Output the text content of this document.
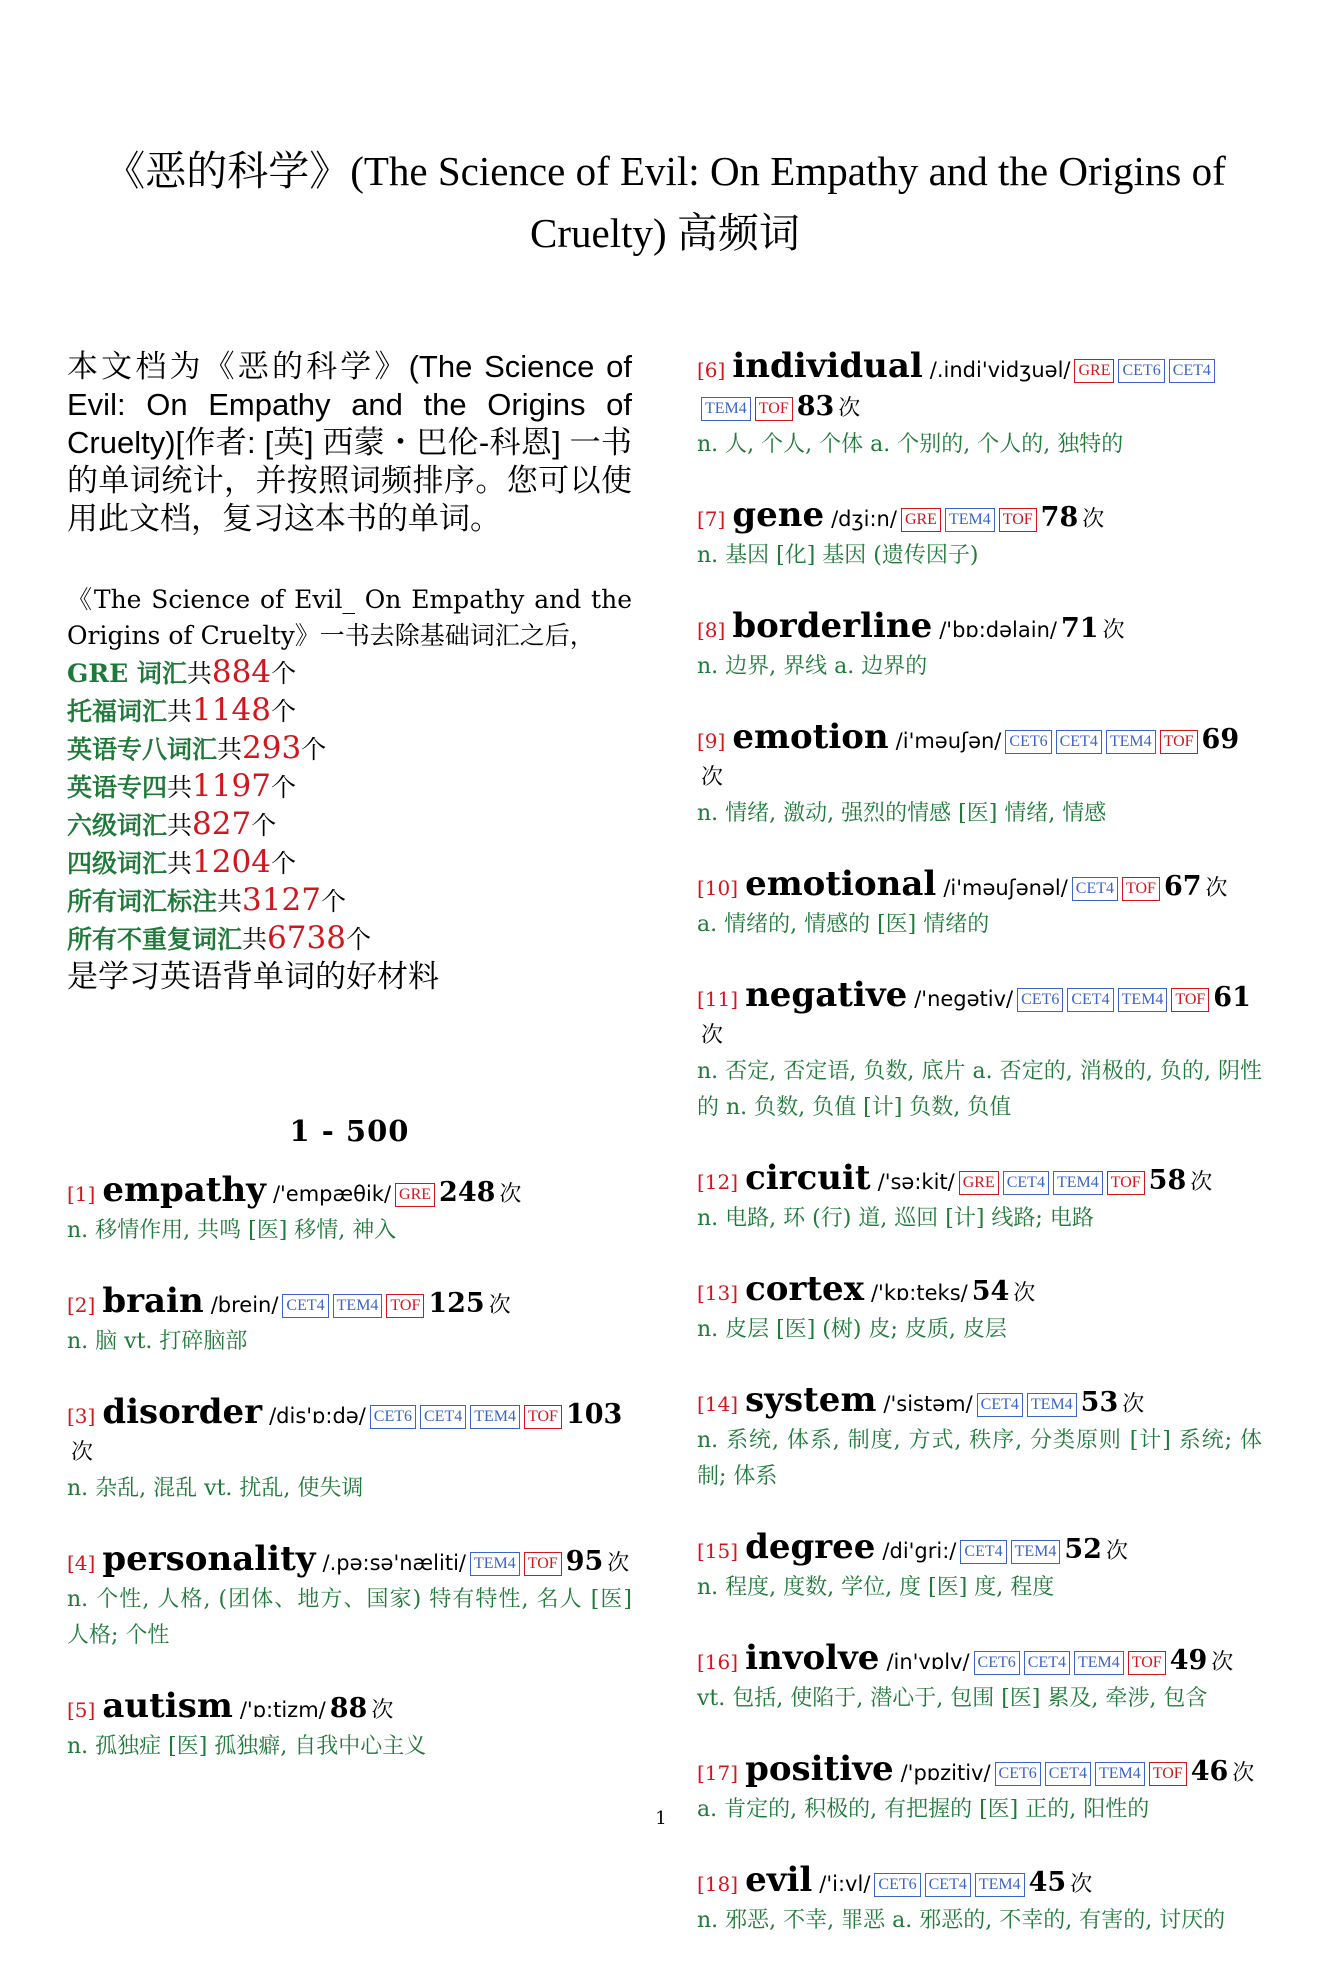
《恶的科学》(The Science of Evil: On Empathy and the Origins of Cruelty) 高频词

本文档为《恶的科学》(The Science of Evil: On Empathy and the Origins of Cruelty)[作者: [英] 西蒙・巴伦-科恩] 一书的单词统计，并按照词频排序。您可以使用此文档，复习这本书的单词。

《The Science of Evil_ On Empathy and the Origins of Cruelty》一书去除基础词汇之后，
GRE 词汇共884个
托福词汇共1148个
英语专八词汇共293个
英语专四共1197个
六级词汇共827个
四级词汇共1204个
所有词汇标注共3127个
所有不重复词汇共6738个
是学习英语背单词的好材料
1 - 500
[1] empathy /'empæθik/ GRE 248 次
n. 移情作用, 共鸣 [医] 移情, 神入
[2] brain /brein/ CET4 TEM4 TOF 125 次
n. 脑 vt. 打碎脑部
[3] disorder /dis'ɒ:də/ CET6 CET4 TEM4 TOF 103次
n. 杂乱, 混乱 vt. 扰乱, 使失调
[4] personality /.pə:sə'næliti/ TEM4 TOF 95 次
n. 个性, 人格, (团体、地方、国家) 特有特性, 名人 [医] 人格; 个性
[5] autism /'ɒ:tizm/ 88 次
n. 孤独症 [医] 孤独癖, 自我中心主义
[6] individual /.indi'vidʒuəl/ GRE CET6 CET4TEM4 TOF 83 次
n. 人, 个人, 个体 a. 个别的, 个人的, 独特的
[7] gene /dʒi:n/ GRE TEM4 TOF 78 次
n. 基因 [化] 基因 (遗传因子)
[8] borderline /'bɒ:dəlain/ 71 次
n. 边界, 界线 a. 边界的
[9] emotion /i'məuʃən/ CET6 CET4 TEM4 TOF 69次
n. 情绪, 激动, 强烈的情感 [医] 情绪, 情感
[10] emotional /i'məuʃənəl/ CET4 TOF 67 次
a. 情绪的, 情感的 [医] 情绪的
[11] negative /'negətiv/ CET6 CET4 TEM4 TOF 61次
n. 否定, 否定语, 负数, 底片 a. 否定的, 消极的, 负的, 阴性的 n. 负数, 负值 [计] 负数, 负值
[12] circuit /'sə:kit/ GRE CET4 TEM4 TOF 58 次
n. 电路, 环 (行) 道, 巡回 [计] 线路; 电路
[13] cortex /'kɒ:teks/ 54 次
n. 皮层 [医] (树) 皮; 皮质, 皮层
[14] system /'sistəm/ CET4 TEM4 53 次
n. 系统, 体系, 制度, 方式, 秩序, 分类原则 [计] 系统; 体制; 体系
[15] degree /di'gri:/ CET4 TEM4 52 次
n. 程度, 度数, 学位, 度 [医] 度, 程度
[16] involve /in'vɒlv/ CET6 CET4 TEM4 TOF 49 次
vt. 包括, 使陷于, 潜心于, 包围 [医] 累及, 牵涉, 包含
[17] positive /'pɒzitiv/ CET6 CET4 TEM4 TOF 46 次
a. 肯定的, 积极的, 有把握的 [医] 正的, 阳性的
[18] evil /'i:vl/ CET6 CET4 TEM4 45 次
n. 邪恶, 不幸, 罪恶 a. 邪恶的, 不幸的, 有害的, 讨厌的
1
